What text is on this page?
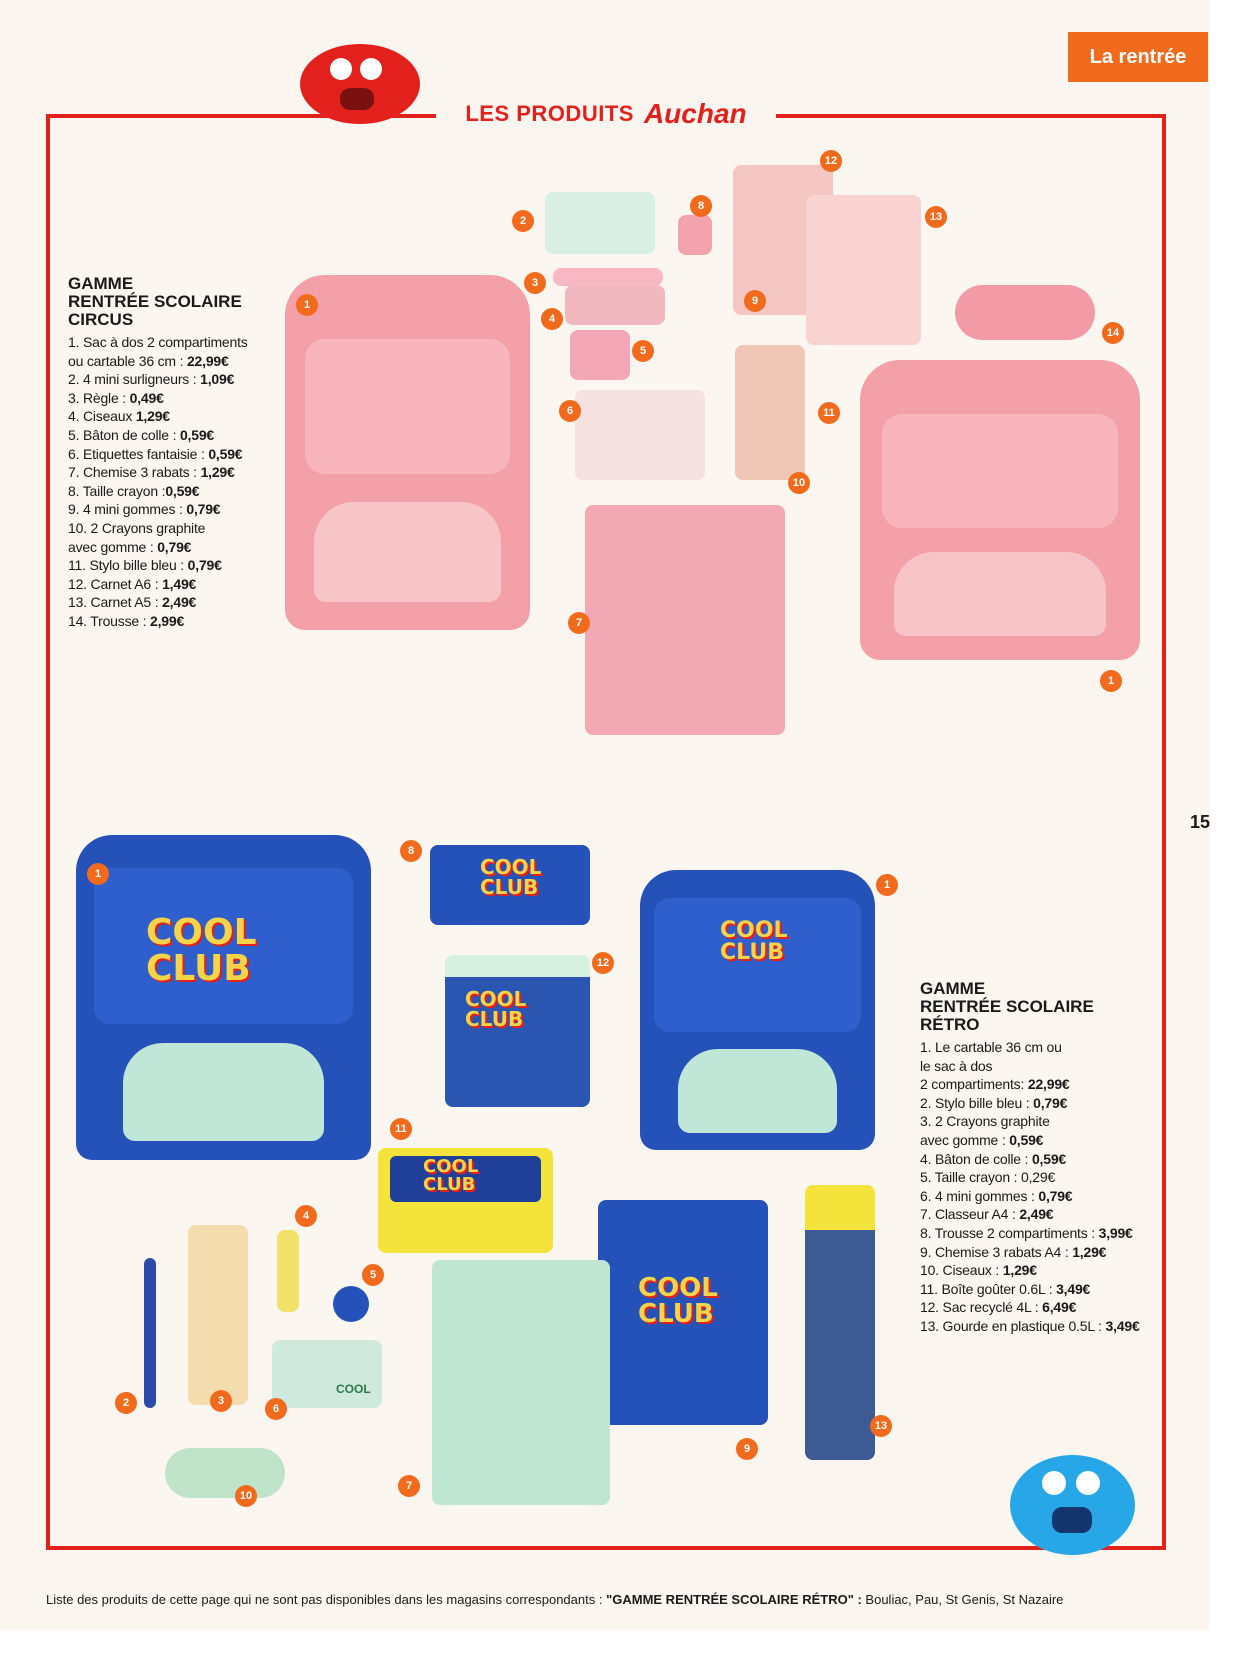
LES PRODUITS Auchan
La rentrée
15
GAMME
RENTRÉE SCOLAIRE
CIRCUS
1. Sac à dos 2 compartiments
ou cartable 36 cm : 22,99€
2. 4 mini surligneurs : 1,09€
3. Règle : 0,49€
4. Ciseaux 1,29€
5. Bâton de colle : 0,59€
6. Etiquettes fantaisie : 0,59€
7. Chemise 3 rabats : 1,29€
8. Taille crayon :0,59€
9. 4 mini gommes : 0,79€
10. 2 Crayons graphite
avec gomme : 0,79€
11. Stylo bille bleu : 0,79€
12. Carnet A6 : 1,49€
13. Carnet A5 : 2,49€
14. Trousse : 2,99€
GAMME
RENTRÉE SCOLAIRE
RÉTRO
1. Le cartable 36 cm ou
le sac à dos
2 compartiments: 22,99€
2. Stylo bille bleu : 0,79€
3. 2 Crayons graphite
avec gomme : 0,59€
4. Bâton de colle : 0,59€
5. Taille crayon : 0,29€
6. 4 mini gommes : 0,79€
7. Classeur A4 : 2,49€
8. Trousse 2 compartiments : 3,99€
9. Chemise 3 rabats A4 : 1,29€
10. Ciseaux : 1,29€
11. Boîte goûter 0.6L : 3,49€
12. Sac recyclé 4L : 6,49€
13. Gourde en plastique 0.5L : 3,49€
1
2
3
4
5
6
7
8
9
10
11
12
13
14
1
COOL
CLUB
COOL
CLUB
COOL
CLUB
COOL
CLUB
COOL
CLUB
COOL
CLUB
COOL
1
8
1
12
11
4
5
2	3
6
7
9
10
13
Liste des produits de cette page qui ne sont pas disponibles dans les magasins correspondants : "GAMME RENTRÉE SCOLAIRE RÉTRO" : Bouliac, Pau, St Genis, St Nazaire
